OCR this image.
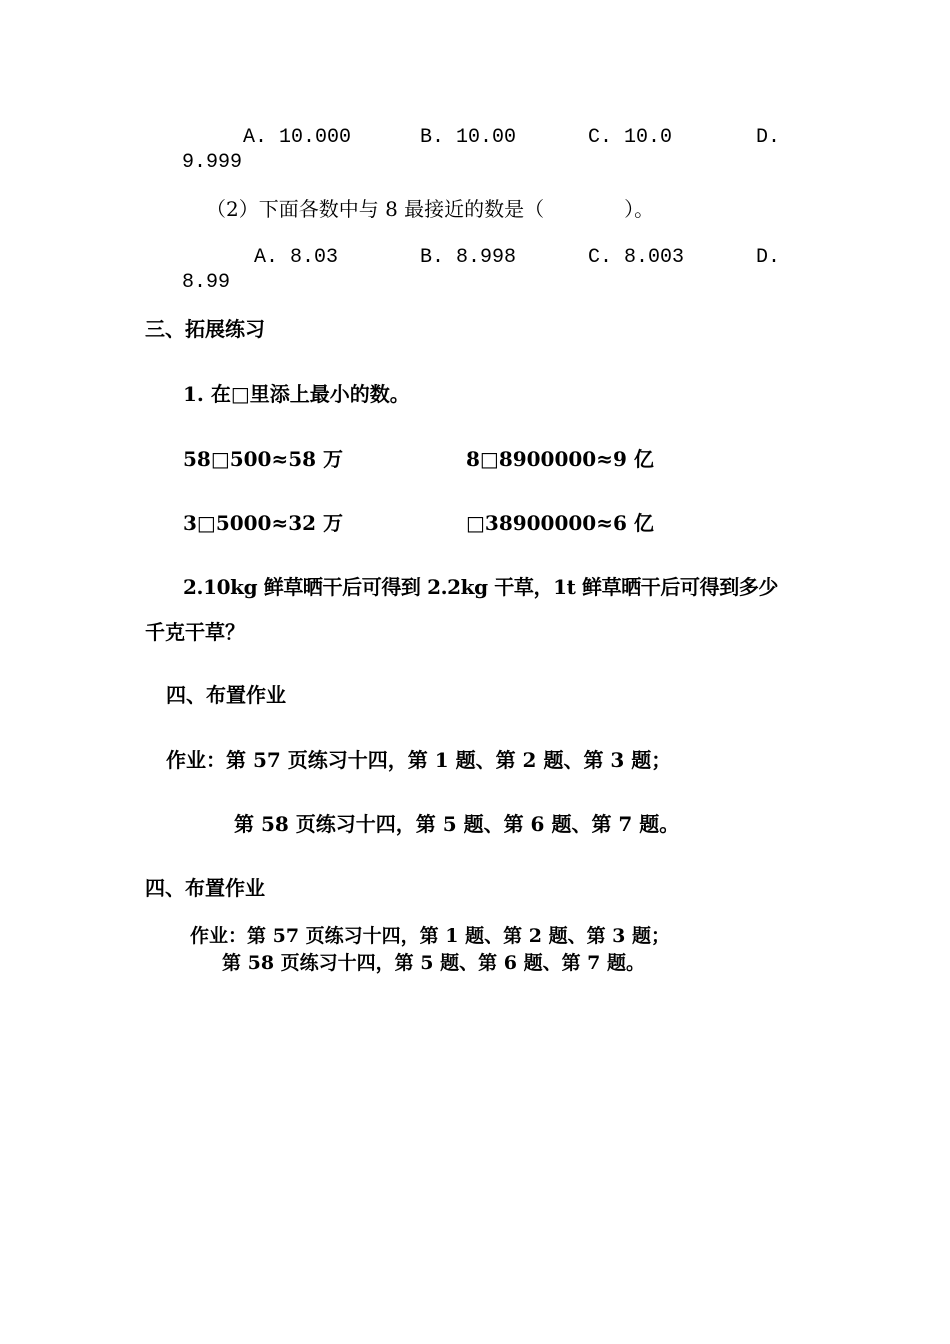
A. 10.000	B. 10.00	C. 10.0	D.
9.999
（2）下面各数中与 8 最接近的数是（　　　　）。
A. 8.03	B. 8.998	C. 8.003	D.
8.99
三、拓展练习
1. 在□里添上最小的数。
58□500≈58 万	8□8900000≈9 亿
3□5000≈32 万	□38900000≈6 亿
2.10kg 鲜草晒干后可得到 2.2kg 干草，1t 鲜草晒干后可得到多少
千克干草？
四、布置作业
作业：第 57 页练习十四，第 1 题、第 2 题、第 3 题；
第 58 页练习十四，第 5 题、第 6 题、第 7 题。
四、布置作业
作业：第 57 页练习十四，第 1 题、第 2 题、第 3 题；
第 58 页练习十四，第 5 题、第 6 题、第 7 题。
